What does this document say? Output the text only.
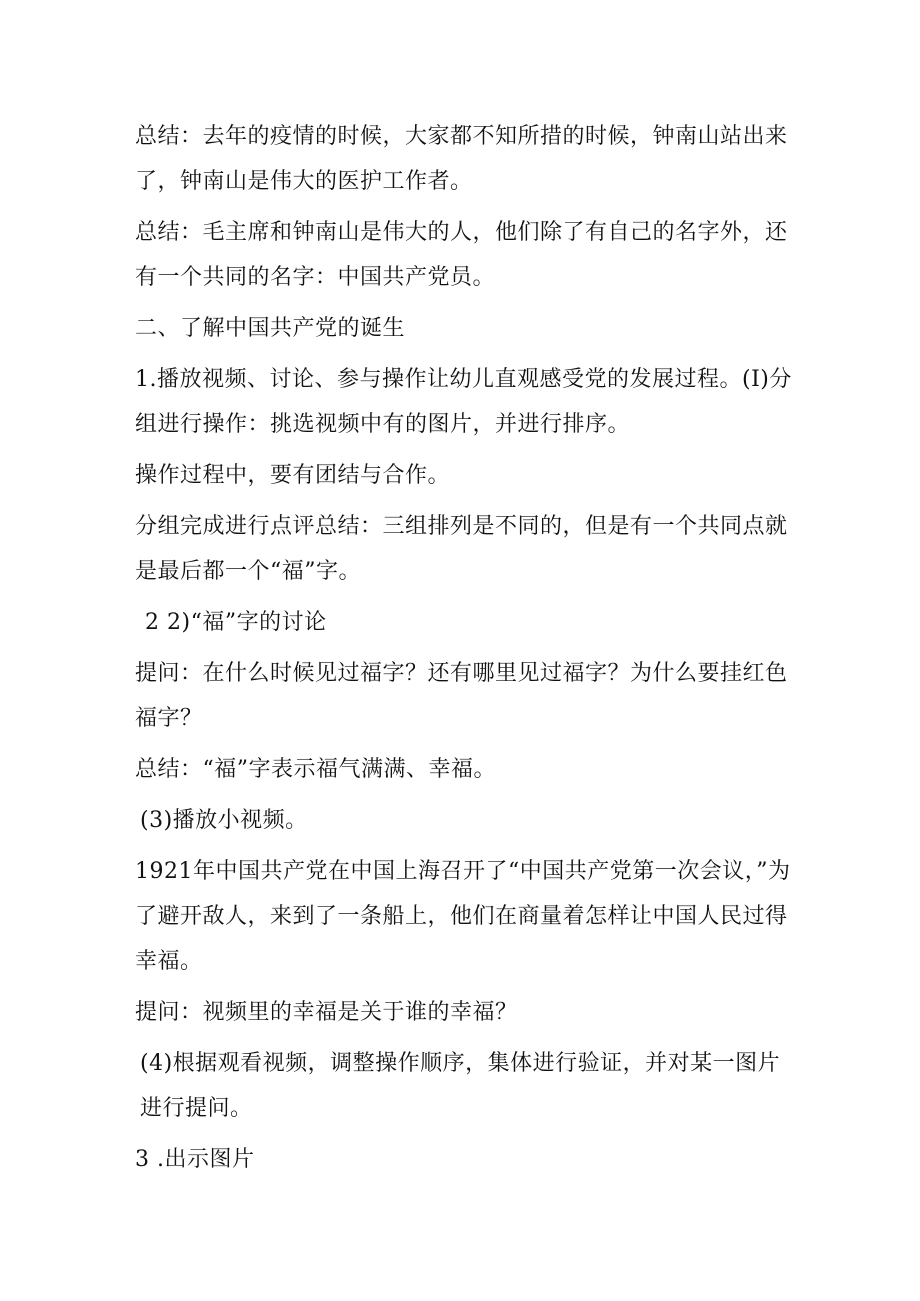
总结：去年的疫情的时候，大家都不知所措的时候，钟南山站出来了，钟南山是伟大的医护工作者。

总结：毛主席和钟南山是伟大的人，他们除了有自己的名字外，还有一个共同的名字：中国共产党员。

二、了解中国共产党的诞生

1.播放视频、讨论、参与操作让幼儿直观感受党的发展过程。(I)分组进行操作：挑选视频中有的图片，并进行排序。

操作过程中，要有团结与合作。

分组完成进行点评总结：三组排列是不同的，但是有一个共同点就是最后都一个“福”字。

2 2)“福”字的讨论

提问：在什么时候见过福字？还有哪里见过福字？为什么要挂红色福字？

总结：“福”字表示福气满满、幸福。

(3)播放小视频。

1921年中国共产党在中国上海召开了“中国共产党第一次会议，”为了避开敌人，来到了一条船上，他们在商量着怎样让中国人民过得幸福。

提问：视频里的幸福是关于谁的幸福？

(4)根据观看视频，调整操作顺序，集体进行验证，并对某一图片进行提问。

3 .出示图片
